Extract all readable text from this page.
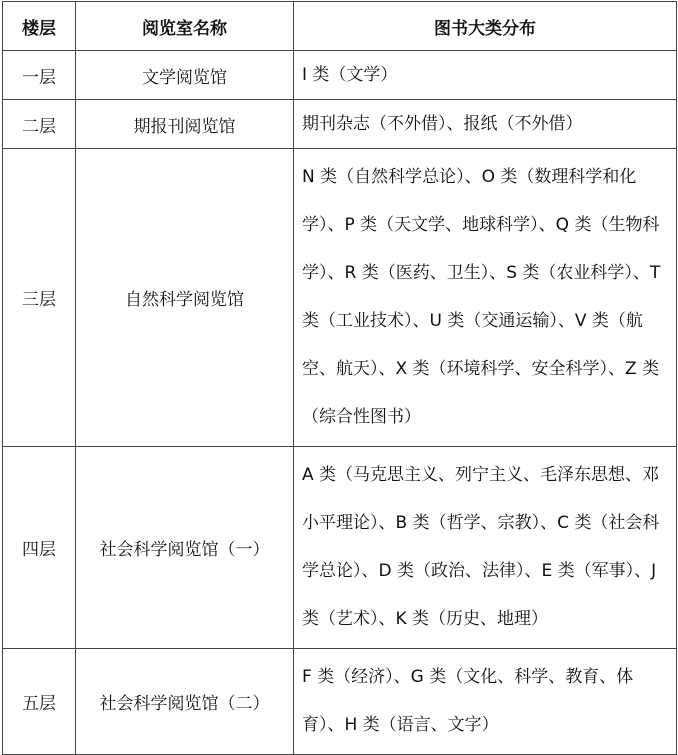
楼层	阅览室名称	图书大类分布
一层	文学阅览馆	I 类（文学）
二层	期报刊阅览馆	期刊杂志（不外借）、报纸（不外借）
三层	自然科学阅览馆	N 类（自然科学总论）、O 类（数理科学和化学）、P 类（天文学、地球科学）、Q 类（生物科学）、R 类（医药、卫生）、S 类（农业科学）、T 类（工业技术）、U 类（交通运输）、V 类（航空、航天）、X 类（环境科学、安全科学）、Z 类（综合性图书）
四层	社会科学阅览馆（一）	A 类（马克思主义、列宁主义、毛泽东思想、邓小平理论）、B 类（哲学、宗教）、C 类（社会科学总论）、D 类（政治、法律）、E 类（军事）、J 类（艺术）、K 类（历史、地理）
五层	社会科学阅览馆（二）	F 类（经济）、G 类（文化、科学、教育、体育）、H 类（语言、文字）
